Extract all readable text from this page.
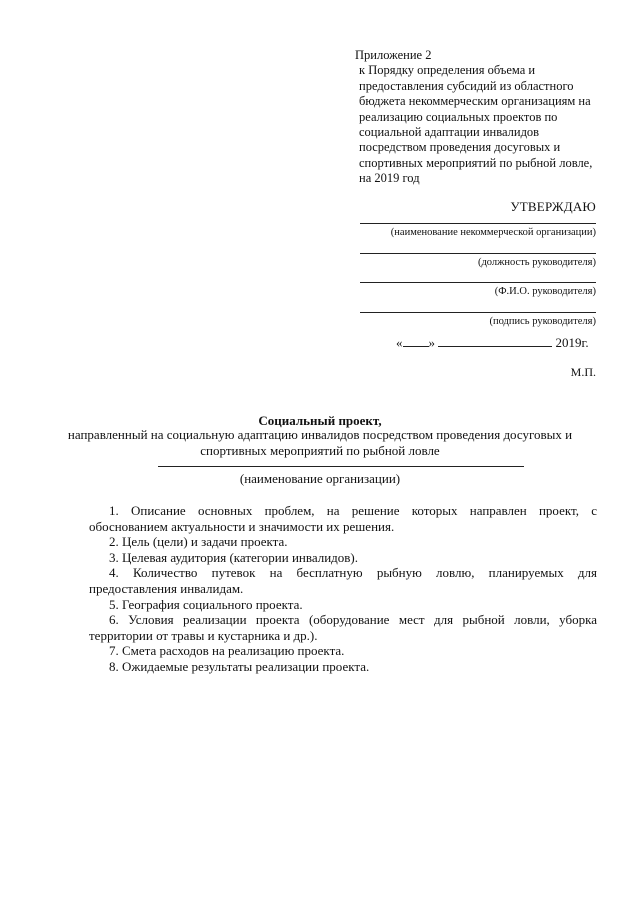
Приложение 2

к Порядку определения объема и предоставления субсидий из областного бюджета некоммерческим организациям на реализацию социальных проектов по социальной адаптации инвалидов посредством проведения досуговых и спортивных мероприятий по рыбной ловле, на 2019 год

УТВЕРЖДАЮ
(наименование некоммерческой организации)
(должность руководителя)
(Ф.И.О. руководителя)
(подпись руководителя)
« »	2019г.
М.П.
Социальный проект,
направленный на социальную адаптацию инвалидов посредством проведения досуговых и спортивных мероприятий по рыбной ловле
(наименование организации)

1. Описание основных проблем, на решение которых направлен проект, с обоснованием актуальности и значимости их решения.

2. Цель (цели) и задачи проекта.

3. Целевая аудитория (категории инвалидов).

4. Количество путевок на бесплатную рыбную ловлю, планируемых для предоставления инвалидам.

5. География социального проекта.

6. Условия реализации проекта (оборудование мест для рыбной ловли, уборка территории от травы и кустарника и др.).

7. Смета расходов на реализацию проекта.

8. Ожидаемые результаты реализации проекта.
